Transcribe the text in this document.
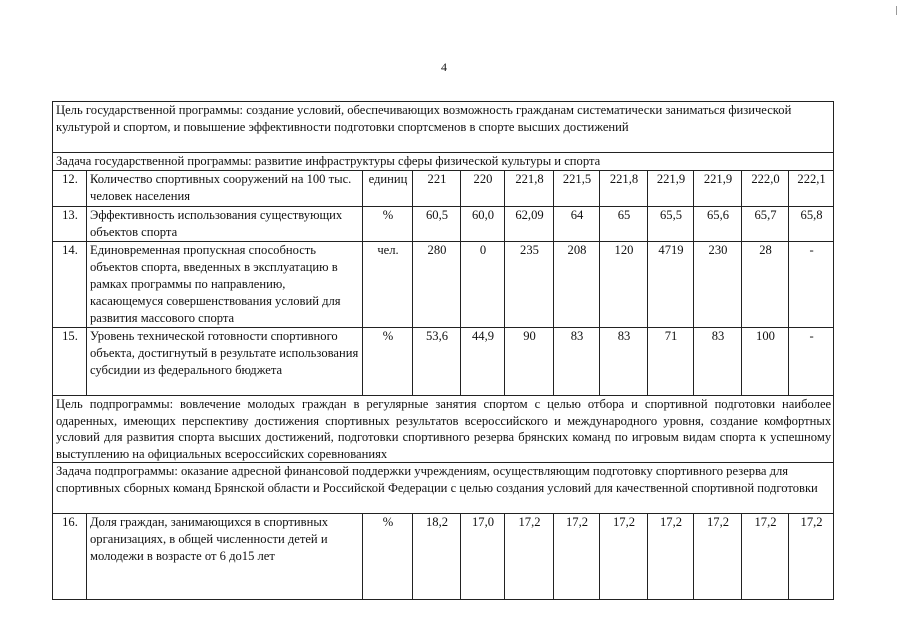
4
Цель государственной программы: создание условий, обеспечивающих возможность гражданам систематически заниматься физической культурой и спортом, и повышение эффективности подготовки спортсменов в спорте высших достижений											
Задача государственной программы: развитие инфраструктуры сферы физической культуры и спорта											
12.	Количество спортивных сооружений на 100 тыс. человек населения	единиц	221	220	221,8	221,5	221,8	221,9	221,9	222,0	222,1
13.	Эффективность использования существующих объектов спорта	%	60,5	60,0	62,09	64	65	65,5	65,6	65,7	65,8
14.	Единовременная пропускная способность объектов спорта, введенных в эксплуатацию в рамках программы по направлению, касающемуся совершенствования условий для развития массового спорта	чел.	280	0	235	208	120	4719	230	28	-
15.	Уровень технической готовности спортивного объекта, достигнутый в результате использования субсидии из федерального бюджета	%	53,6	44,9	90	83	83	71	83	100	-
Цель подпрограммы: вовлечение молодых граждан в регулярные занятия спортом с целью отбора и спортивной подготовки наиболее одаренных, имеющих перспективу достижения спортивных результатов всероссийского и международного уровня, создание комфортных условий для развития спорта высших достижений, подготовки спортивного резерва брянских команд по игровым видам спорта к успешному выступлению на официальных всероссийских соревнованиях											
Задача подпрограммы: оказание адресной финансовой поддержки учреждениям, осуществляющим подготовку спортивного резерва для спортивных сборных команд Брянской области и Российской Федерации с целью создания условий для качественной спортивной подготовки											
16.	Доля граждан, занимающихся в спортивных организациях, в общей численности детей и молодежи в возрасте от 6 до15 лет	%	18,2	17,0	17,2	17,2	17,2	17,2	17,2	17,2	17,2
